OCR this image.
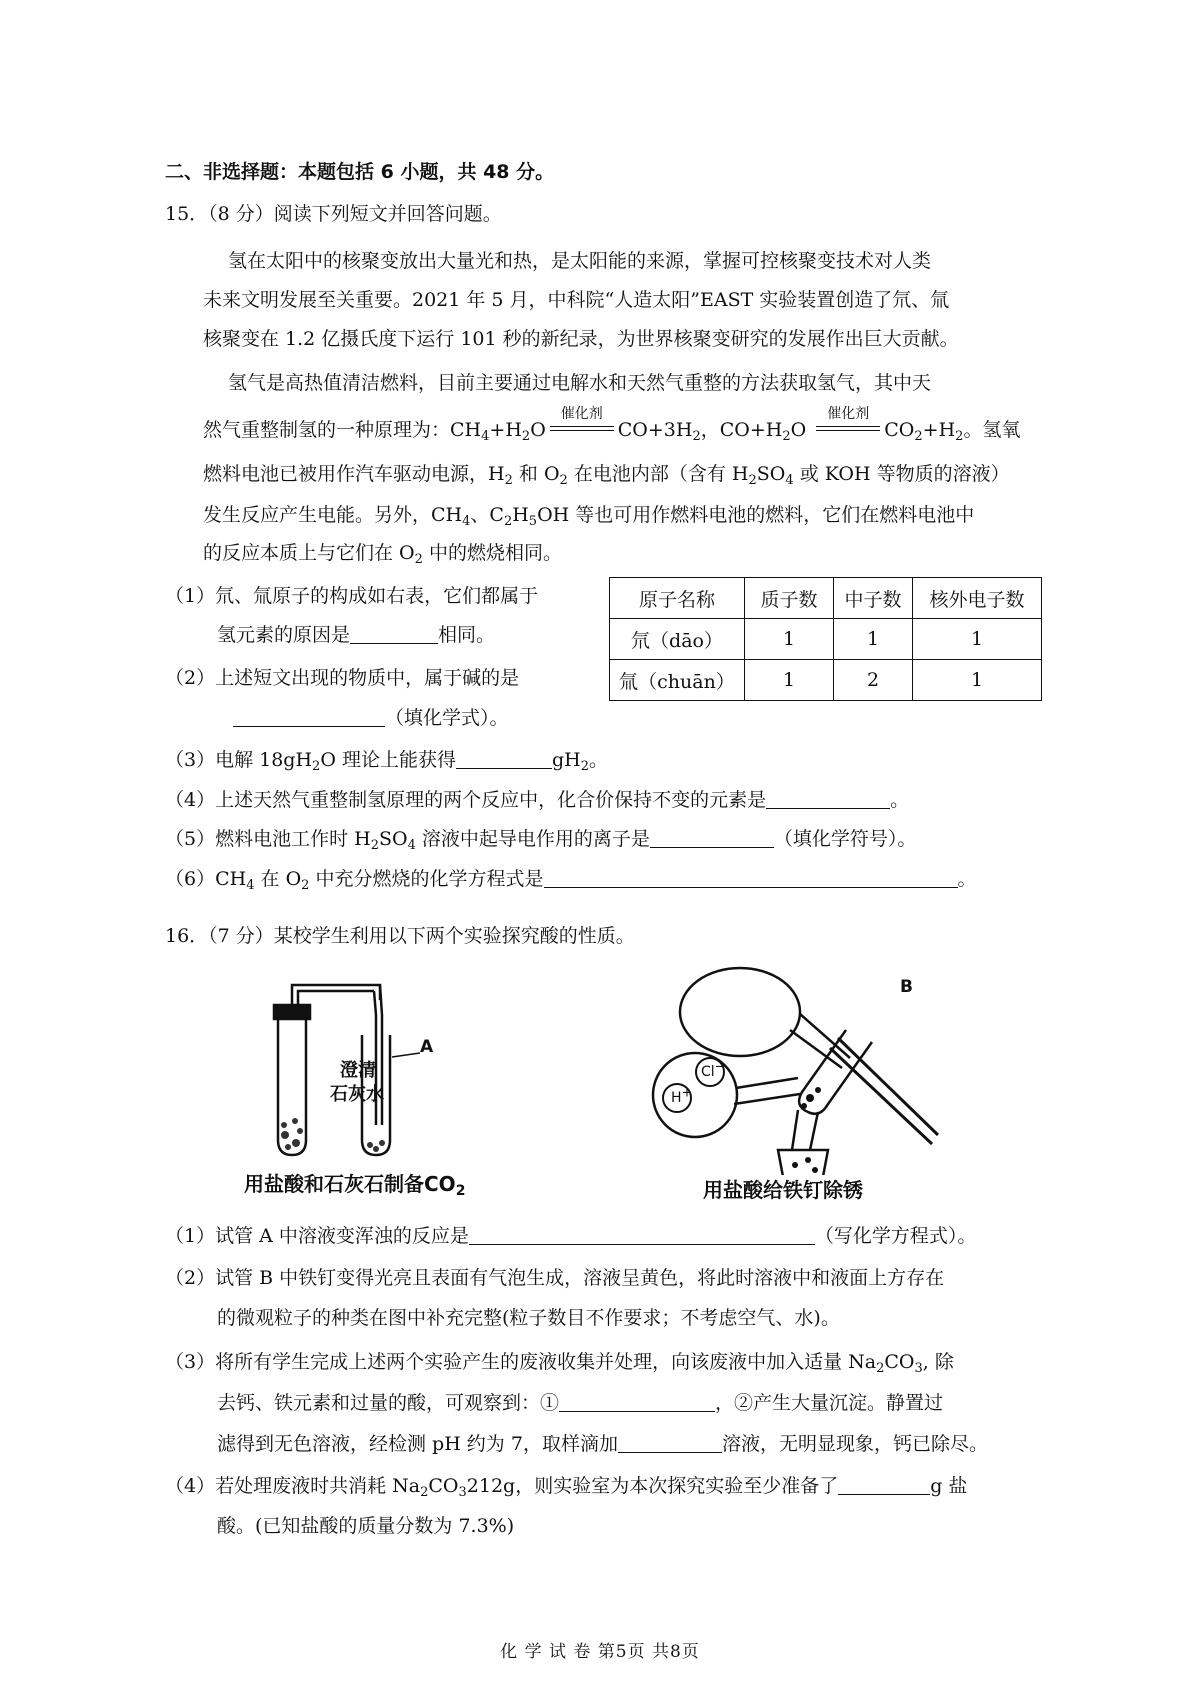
二、非选择题：本题包括 6 小题，共 48 分。
15．（8 分）阅读下列短文并回答问题。
氢在太阳中的核聚变放出大量光和热，是太阳能的来源，掌握可控核聚变技术对人类
未来文明发展至关重要。2021 年 5 月，中科院“人造太阳”EAST 实验装置创造了氘、氚
核聚变在 1.2 亿摄氏度下运行 101 秒的新纪录，为世界核聚变研究的发展作出巨大贡献。
氢气是高热值清洁燃料，目前主要通过电解水和天然气重整的方法获取氢气，其中天
然气重整制氢的一种原理为：$CH_4+H_2O$
催化剂
$CO+3H_2$，$CO+H_2O$
催化剂
$CO_2+H_2$。氢氧
燃料电池已被用作汽车驱动电源，$H_2$ 和 $O_2$ 在电池内部（含有 $H_2SO_4$ 或 KOH 等物质的溶液）
发生反应产生电能。另外，$CH_4$、$C_2H_5OH$ 等也可用作燃料电池的燃料，它们在燃料电池中
的反应本质上与它们在 $O_2$ 中的燃烧相同。
（1）氘、氚原子的构成如右表，它们都属于
氢元素的原因是	相同。
（2）上述短文出现的物质中，属于碱的是
（填化学式）。
原子名称	质子数	中子数	核外电子数
氘（dāo）	1	1	1
氚（chuān）	1	2	1
（3）电解 $18gH_2O$ 理论上能获得	$gH_2$。
（4）上述天然气重整制氢原理的两个反应中，化合价保持不变的元素是	。
（5）燃料电池工作时 $H_2SO_4$ 溶液中起导电作用的离子是	（填化学符号）。
$(6)CH_4$ 在 $O_2$ 中充分燃烧的化学方程式是	。
16．（7 分）某校学生利用以下两个实验探究酸的性质。
A
澄清
石灰水
用盐酸和石灰石制备$CO_2$
H+
Cl−
B
用盐酸给铁钉除锈
（1）试管 A 中溶液变浑浊的反应是	（写化学方程式）。
（2）试管 B 中铁钉变得光亮且表面有气泡生成，溶液呈黄色，将此时溶液中和液面上方存在
的微观粒子的种类在图中补充完整(粒子数目不作要求；不考虑空气、水)。
（3）将所有学生完成上述两个实验产生的废液收集并处理，向该废液中加入适量 $Na_2CO_3$, 除
去钙、铁元素和过量的酸，可观察到：①	，②产生大量沉淀。静置过
滤得到无色溶液，经检测 pH 约为 7，取样滴加	溶液，无明显现象，钙已除尽。
（4）若处理废液时共消耗 $Na_2CO_3212g$，则实验室为本次探究实验至少准备了	g 盐
酸。(已知盐酸的质量分数为 7.3%)
化 学 试 卷 第5页 共8页
